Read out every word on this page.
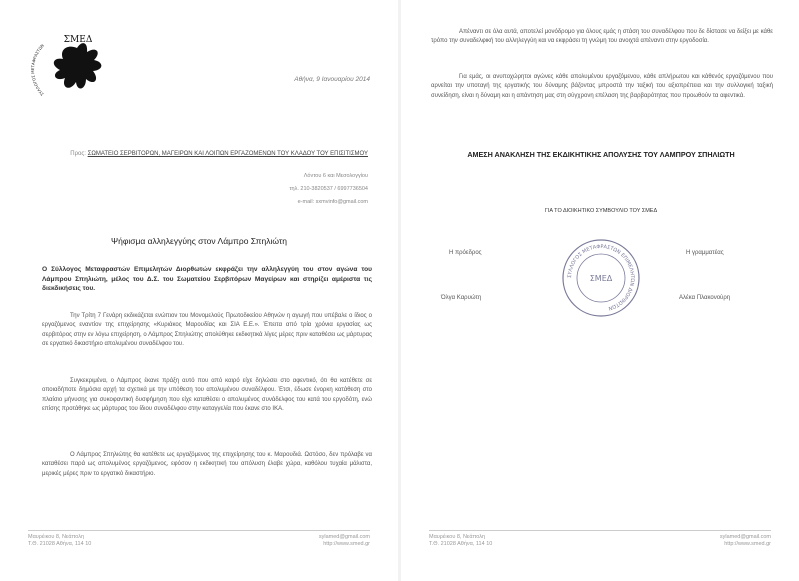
ΣΜΕΔ
ΣΥΛΛΟΓΟΣ ΜΕΤΑΦΡΑΣΤΩΝ
Αθήνα, 9 Ιανουαρίου 2014
Προς: ΣΩΜΑΤΕΙΟ ΣΕΡΒΙΤΟΡΩΝ, ΜΑΓΕΙΡΩΝ ΚΑΙ ΛΟΙΠΩΝ ΕΡΓΑΖΟΜΕΝΩΝ ΤΟΥ ΚΛΑΔΟΥ ΤΟΥ ΕΠΙΣΙΤΙΣΜΟΥ
Λόντου 6 και Μεσολογγίου
τηλ. 210-3820537 / 6997736504
e-mail: sxmvinfo@gmail.com
Ψήφισμα αλληλεγγύης στον Λάμπρο Σπηλιώτη
Ο Σύλλογος Μεταφραστών Επιμελητών Διορθωτών εκφράζει την αλληλεγγύη του στον αγώνα του Λάμπρου Σπηλιώτη, μέλος του Δ.Σ. του Σωματείου Σερβιτόρων Μαγείρων και στηρίζει αμέριστα τις διεκδικήσεις του.
Την Τρίτη 7 Γενάρη εκδικάζεται ενώπιον του Μονομελούς Πρωτοδικείου Αθηνών η αγωγή που υπέβαλε ο ίδιος ο εργαζόμενος εναντίον της επιχείρησης «Κυριάκος Μαρουδίας και ΣΙΑ Ε.Ε.». Έπειτα από τρία χρόνια εργασίας ως σερβιτόρος στην εν λόγω επιχείρηση, ο Λάμπρος Σπηλιώτης απολύθηκε εκδικητικά λίγες μέρες πριν καταθέσει ως μάρτυρας σε εργατικό δικαστήριο απολυμένου συναδέλφου του.
Συγκεκριμένα, ο Λάμπρος έκανε πράξη αυτό που από καιρό είχε δηλώσει στο αφεντικό, ότι θα κατέθετε σε οποιαδήποτε δημόσια αρχή τα σχετικά με την υπόθεση του απολυμένου συναδέλφου. Έτσι, έδωσε ένορκη κατάθεση στο πλαίσιο μήνυσης για συκοφαντική δυσφήμηση που είχε καταθέσει ο απολυμένος συνάδελφος του κατά του εργοδότη, ενώ επίσης προτάθηκε ως μάρτυρας του ίδιου συναδέλφου στην καταγγελία που έκανε στο ΙΚΑ.
Ο Λάμπρος Σπηλιώτης θα κατέθετε ως εργαζόμενος της επιχείρησης του κ. Μαρουδιά. Ωστόσο, δεν πρόλαβε να καταθέσει παρά ως απολυμένος εργαζόμενος, εφόσον η εκδικητική του απόλυση έλαβε χώρα, καθόλου τυχαία μάλιστα, μερικές μέρες πριν το εργατικό δικαστήριο.
Μαυρέικου 8, Νεάπολη
Τ.Θ. 21028 Αθήνα, 114 10
sylamed@gmail.com
http://www.smed.gr
Απέναντι σε όλα αυτά, αποτελεί μονόδρομο για όλους εμάς η στάση του συναδέλφου που δε δίστασε να δείξει με κάθε τρόπο την συναδελφική του αλληλεγγύη και να εκφράσει τη γνώμη του ανοιχτά απέναντι στην εργοδοσία.
Για εμάς, οι ανυποχώρητοι αγώνες κάθε απολυμένου εργαζόμενου, κάθε απλήρωτου και κάθενός εργαζόμενου που αρνείται την υποταγή της εργατικής του δύναμης βάζοντας μπροστά την ταξική του αξιοπρέπεια και την συλλογική ταξική συνείδηση, είναι η δύναμη και η απάντηση μας στη σύγχρονη επέλαση της βαρβαρότητας που προωθούν τα αφεντικά.
ΑΜΕΣΗ ΑΝΑΚΛΗΣΗ ΤΗΣ ΕΚΔΙΚΗΤΙΚΗΣ ΑΠΟΛΥΣΗΣ ΤΟΥ ΛΑΜΠΡΟΥ ΣΠΗΛΙΩΤΗ
ΓΙΑ ΤΟ ΔΙΟΙΚΗΤΙΚΟ ΣΥΜΒΟΥΛΙΟ ΤΟΥ ΣΜΕΔ
Η πρόεδρος	Η γραμματέας
ΣΥΛΛΟΓΟΣ ΜΕΤΑΦΡΑΣΤΩΝ ΕΠΙΜΕΛΗΤΩΝ ΔΙΟΡΘΩΤΩΝ
ΣΜΕΔ
Όλγα Καρυώτη	Αλέκα Πλακονούρη
Μαυρέικου 8, Νεάπολη
Τ.Θ. 21028 Αθήνα, 114 10
sylamed@gmail.com
http://www.smed.gr
